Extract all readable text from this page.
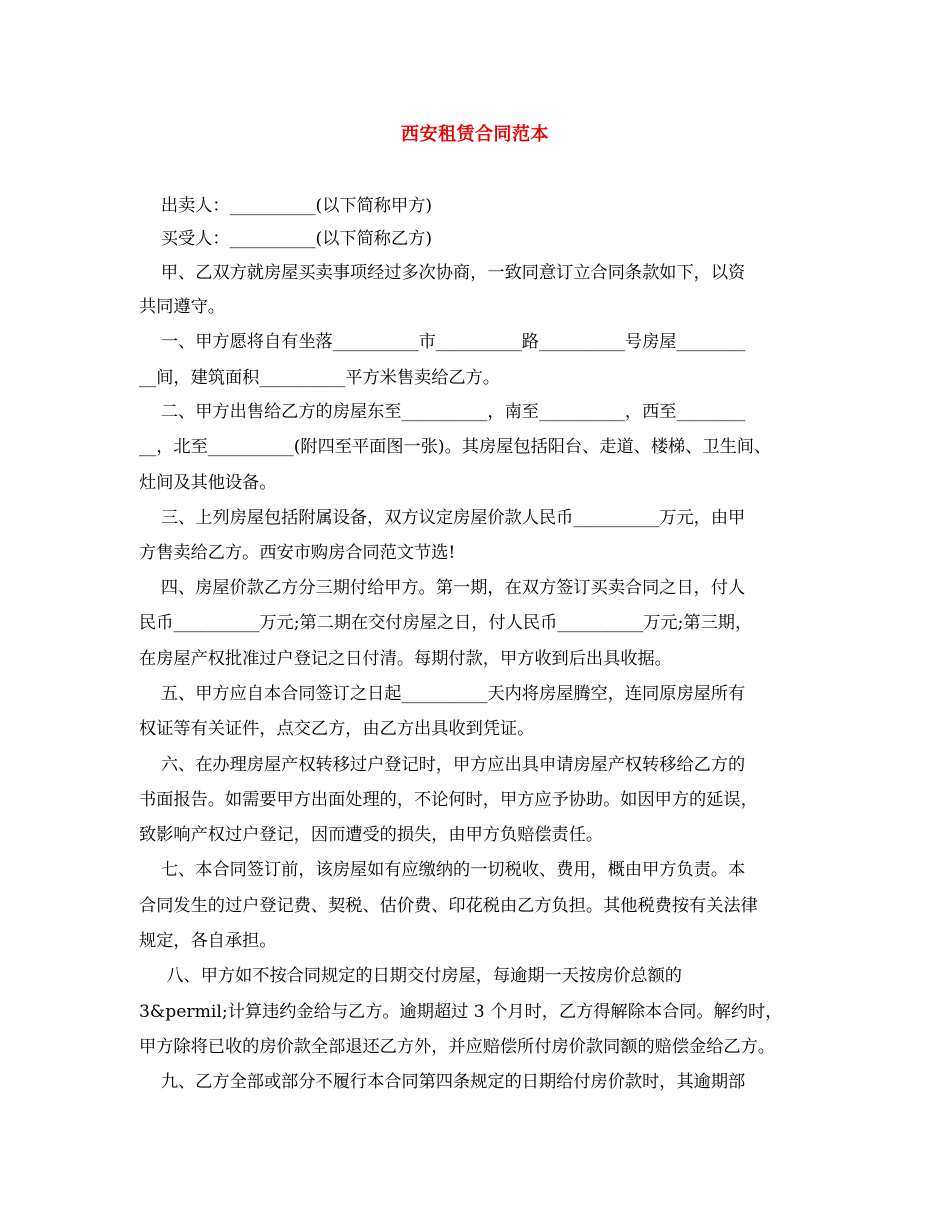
西安租赁合同范本
出卖人：__________(以下简称甲方)
买受人：__________(以下简称乙方)
甲、乙双方就房屋买卖事项经过多次协商，一致同意订立合同条款如下，以资
共同遵守。
一、甲方愿将自有坐落__________市__________路__________号房屋________
__间，建筑面积__________平方米售卖给乙方。
二、甲方出售给乙方的房屋东至__________，南至__________，西至________
__，北至__________(附四至平面图一张)。其房屋包括阳台、走道、楼梯、卫生间、
灶间及其他设备。
三、上列房屋包括附属设备，双方议定房屋价款人民币__________万元，由甲
方售卖给乙方。西安市购房合同范文节选!
四、房屋价款乙方分三期付给甲方。第一期，在双方签订买卖合同之日，付人
民币__________万元;第二期在交付房屋之日，付人民币__________万元;第三期，
在房屋产权批准过户登记之日付清。每期付款，甲方收到后出具收据。
五、甲方应自本合同签订之日起__________天内将房屋腾空，连同原房屋所有
权证等有关证件，点交乙方，由乙方出具收到凭证。
六、在办理房屋产权转移过户登记时，甲方应出具申请房屋产权转移给乙方的
书面报告。如需要甲方出面处理的，不论何时，甲方应予协助。如因甲方的延误，
致影响产权过户登记，因而遭受的损失，由甲方负赔偿责任。
七、本合同签订前，该房屋如有应缴纳的一切税收、费用，概由甲方负责。本
合同发生的过户登记费、契税、估价费、印花税由乙方负担。其他税费按有关法律
规定，各自承担。
八、甲方如不按合同规定的日期交付房屋，每逾期一天按房价总额的
3&permil;计算违约金给与乙方。逾期超过 3 个月时，乙方得解除本合同。解约时，
甲方除将已收的房价款全部退还乙方外，并应赔偿所付房价款同额的赔偿金给乙方。
九、乙方全部或部分不履行本合同第四条规定的日期给付房价款时，其逾期部
